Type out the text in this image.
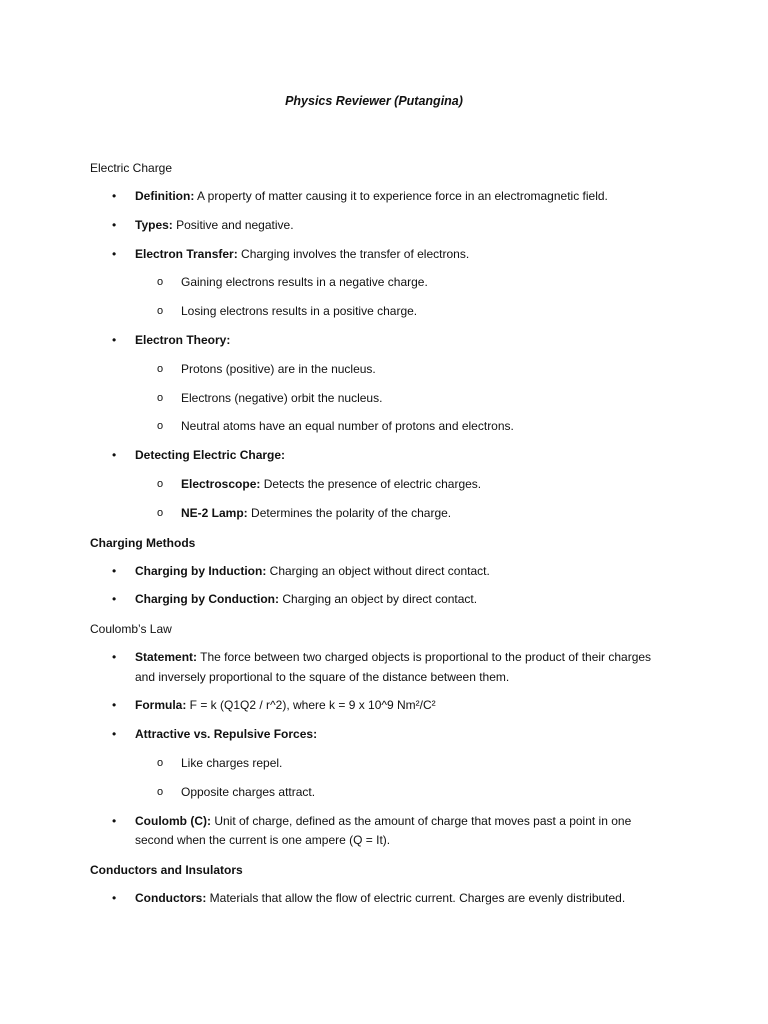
Physics Reviewer (Putangina)
Electric Charge
• Definition: A property of matter causing it to experience force in an electromagnetic field.
• Types: Positive and negative.
• Electron Transfer: Charging involves the transfer of electrons.
o Gaining electrons results in a negative charge.
o Losing electrons results in a positive charge.
• Electron Theory:
o Protons (positive) are in the nucleus.
o Electrons (negative) orbit the nucleus.
o Neutral atoms have an equal number of protons and electrons.
• Detecting Electric Charge:
o Electroscope: Detects the presence of electric charges.
o NE-2 Lamp: Determines the polarity of the charge.
Charging Methods
• Charging by Induction: Charging an object without direct contact.
• Charging by Conduction: Charging an object by direct contact.
Coulomb’s Law
• Statement: The force between two charged objects is proportional to the product of their charges and inversely proportional to the square of the distance between them.
• Formula: F = k (Q1Q2 / r^2), where k = 9 x 10^9 Nm²/C²
• Attractive vs. Repulsive Forces:
o Like charges repel.
o Opposite charges attract.
• Coulomb (C): Unit of charge, defined as the amount of charge that moves past a point in one second when the current is one ampere (Q = It).
Conductors and Insulators
• Conductors: Materials that allow the flow of electric current. Charges are evenly distributed.
